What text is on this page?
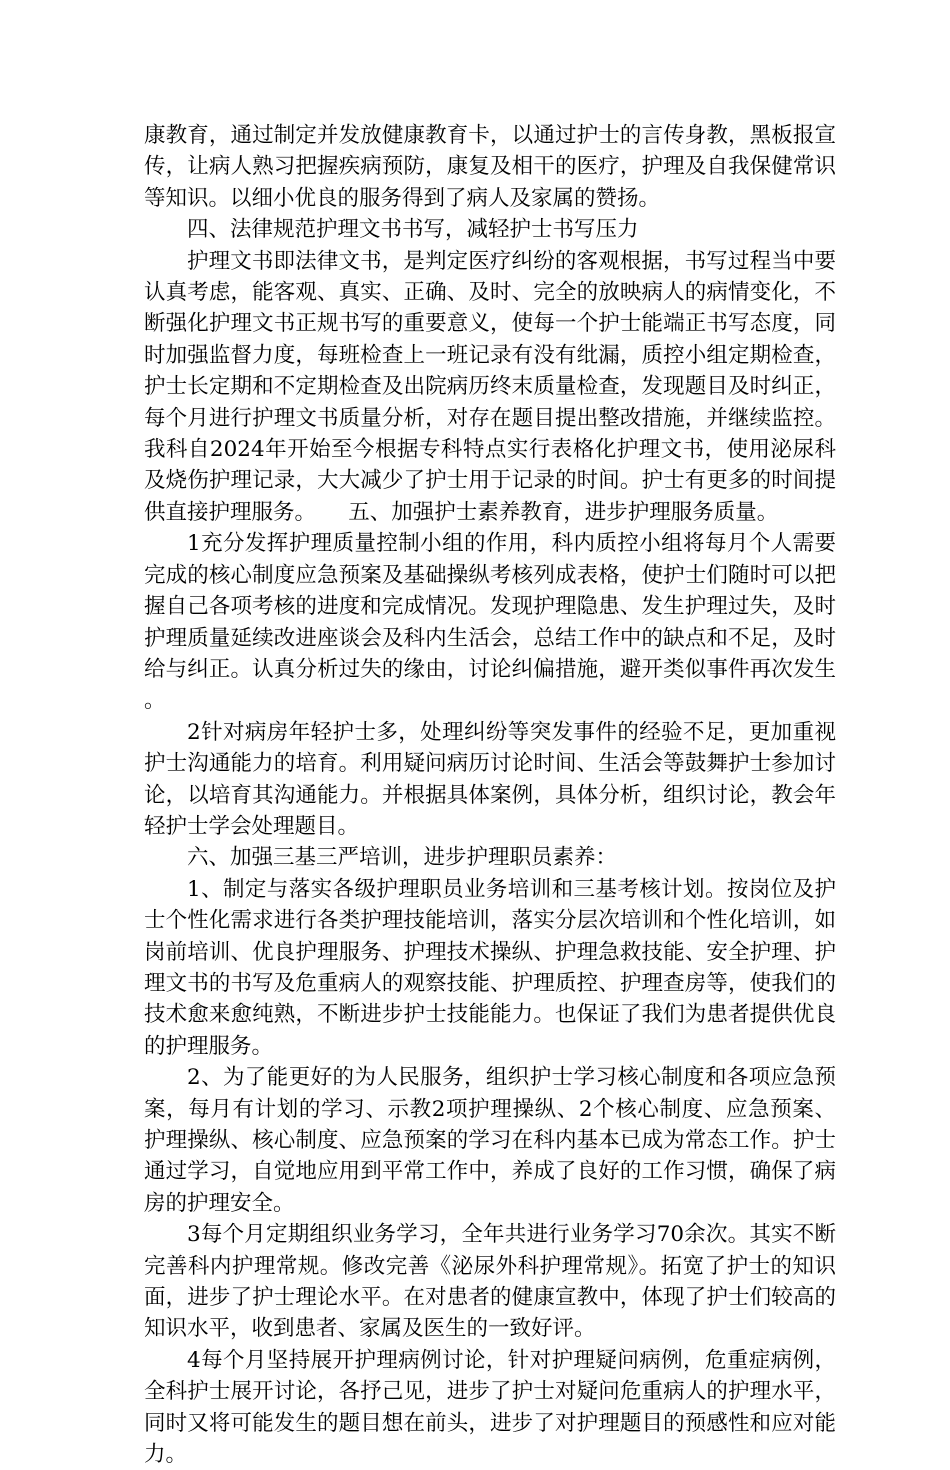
康教育，通过制定并发放健康教育卡，以通过护士的言传身教，黑板报宣传，让病人熟习把握疾病预防，康复及相干的医疗，护理及自我保健常识等知识。以细小优良的服务得到了病人及家属的赞扬。

四、法律规范护理文书书写，减轻护士书写压力

护理文书即法律文书，是判定医疗纠纷的客观根据，书写过程当中要认真考虑，能客观、真实、正确、及时、完全的放映病人的病情变化，不断强化护理文书正规书写的重要意义，使每一个护士能端正书写态度，同时加强监督力度，每班检查上一班记录有没有纰漏，质控小组定期检查，护士长定期和不定期检查及出院病历终末质量检查，发现题目及时纠正，每个月进行护理文书质量分析，对存在题目提出整改措施，并继续监控。我科自2024年开始至今根据专科特点实行表格化护理文书，使用泌尿科及烧伤护理记录，大大减少了护士用于记录的时间。护士有更多的时间提供直接护理服务。 五、加强护士素养教育，进步护理服务质量。

1充分发挥护理质量控制小组的作用，科内质控小组将每月个人需要完成的核心制度应急预案及基础操纵考核列成表格，使护士们随时可以把握自己各项考核的进度和完成情况。发现护理隐患、发生护理过失，及时护理质量延续改进座谈会及科内生活会，总结工作中的缺点和不足，及时给与纠正。认真分析过失的缘由，讨论纠偏措施，避开类似事件再次发生。

2针对病房年轻护士多，处理纠纷等突发事件的经验不足，更加重视护士沟通能力的培育。利用疑问病历讨论时间、生活会等鼓舞护士参加讨论，以培育其沟通能力。并根据具体案例，具体分析，组织讨论，教会年轻护士学会处理题目。

六、加强三基三严培训，进步护理职员素养：

1、制定与落实各级护理职员业务培训和三基考核计划。按岗位及护士个性化需求进行各类护理技能培训，落实分层次培训和个性化培训，如岗前培训、优良护理服务、护理技术操纵、护理急救技能、安全护理、护理文书的书写及危重病人的观察技能、护理质控、护理查房等，使我们的技术愈来愈纯熟，不断进步护士技能能力。也保证了我们为患者提供优良的护理服务。

2、为了能更好的为人民服务，组织护士学习核心制度和各项应急预案，每月有计划的学习、示教2项护理操纵、2个核心制度、应急预案、护理操纵、核心制度、应急预案的学习在科内基本已成为常态工作。护士通过学习，自觉地应用到平常工作中，养成了良好的工作习惯，确保了病房的护理安全。

3每个月定期组织业务学习，全年共进行业务学习70余次。其实不断完善科内护理常规。修改完善《泌尿外科护理常规》。拓宽了护士的知识面，进步了护士理论水平。在对患者的健康宣教中，体现了护士们较高的知识水平，收到患者、家属及医生的一致好评。

4每个月坚持展开护理病例讨论，针对护理疑问病例，危重症病例，全科护士展开讨论，各抒己见，进步了护士对疑问危重病人的护理水平，同时又将可能发生的题目想在前头，进步了对护理题目的预感性和应对能力。
